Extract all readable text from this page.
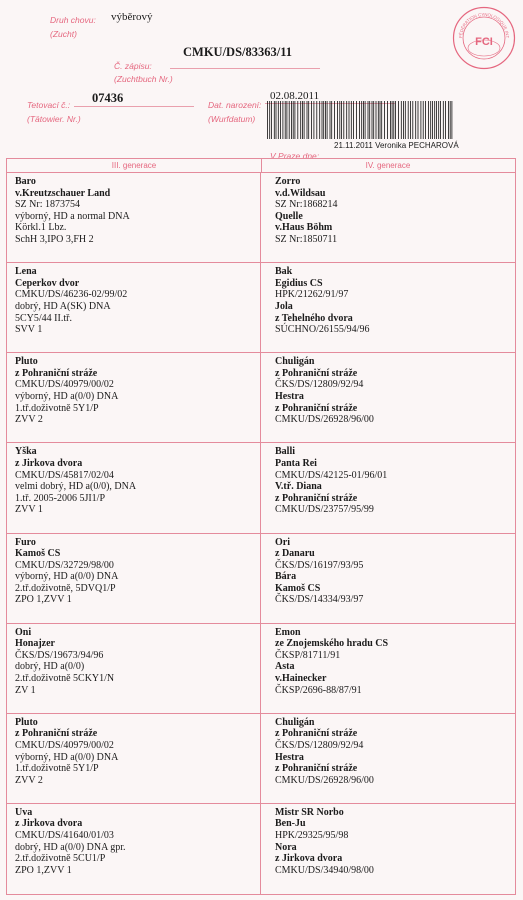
Druh chovu:
(Zucht)
výběrový
CMKU/DS/83363/11
Č. zápisu:
(Zuchtbuch Nr.)
Tetovací č.:
(Tätowier. Nr.)
07436	Dat. narození:
(Wurfdatum)
02.08.2011
21.11.2011 Veronika PECHAROVÁ
V Praze dne:
FÉDÉRATION CYNOLOGIQUE INT
FCI
III. generace	IV. generace
Baro
v.Kreutzschauer Land
SZ Nr: 1873754
výborný, HD a normal DNA
Körkl.1 Lbz.
SchH 3,IPO 3,FH 2
Zorro
v.d.Wildsau
SZ Nr:1868214
Quelle
v.Haus Böhm
SZ Nr:1850711
Lena
Ceperkov dvor
CMKU/DS/46236-02/99/02
dobrý, HD A(SK) DNA
5CY5/44 II.tř.
SVV 1
Bak
Egidius CS
HPK/21262/91/97
Jola
z Tehelného dvora
SÚCHNO/26155/94/96
Pluto
z Pohraniční stráže
CMKU/DS/40979/00/02
výborný, HD a(0/0) DNA
1.tř.doživotně 5Y1/P
ZVV 2
Chuligán
z Pohraniční stráže
ČKS/DS/12809/92/94
Hestra
z Pohraniční stráže
CMKU/DS/26928/96/00
Yška
z Jirkova dvora
CMKU/DS/45817/02/04
velmi dobrý, HD a(0/0), DNA
1.tř. 2005-2006 5JI1/P
ZVV 1
Balli
Panta Rei
CMKU/DS/42125-01/96/01
V.tř. Diana
z Pohraniční stráže
CMKU/DS/23757/95/99
Furo
Kamoš CS
CMKU/DS/32729/98/00
výborný, HD a(0/0) DNA
2.tř.doživotně, 5DVQ1/P
ZPO 1,ZVV 1
Ori
z Danaru
ČKS/DS/16197/93/95
Bára
Kamoš CS
ČKS/DS/14334/93/97
Oni
Honajzer
ČKS/DS/19673/94/96
dobrý, HD a(0/0)
2.tř.doživotně 5CKY1/N
ZV 1
Emon
ze Znojemského hradu CS
ČKSP/81711/91
Asta
v.Hainecker
ČKSP/2696-88/87/91
Pluto
z Pohraniční stráže
CMKU/DS/40979/00/02
výborný, HD a(0/0) DNA
1.tř.doživotně 5Y1/P
ZVV 2
Chuligán
z Pohraniční stráže
ČKS/DS/12809/92/94
Hestra
z Pohraniční stráže
CMKU/DS/26928/96/00
Uva
z Jirkova dvora
CMKU/DS/41640/01/03
dobrý, HD a(0/0) DNA gpr.
2.tř.doživotně 5CU1/P
ZPO 1,ZVV 1
Mistr SR Norbo
Ben-Ju
HPK/29325/95/98
Nora
z Jirkova dvora
CMKU/DS/34940/98/00
